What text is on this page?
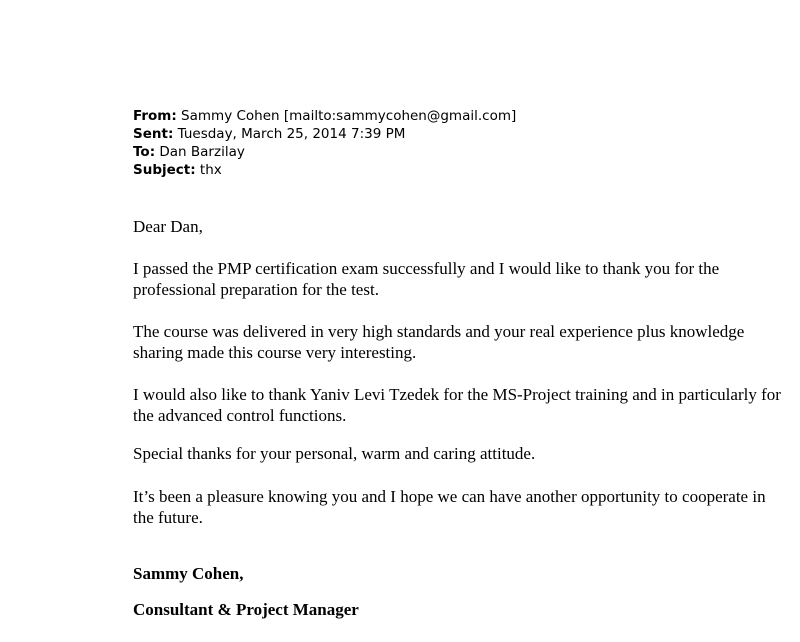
From: Sammy Cohen [mailto:sammycohen@gmail.com]
Sent: Tuesday, March 25, 2014 7:39 PM
To: Dan Barzilay
Subject: thx

Dear Dan,

I passed the PMP certification exam successfully and I would like to thank you for the professional preparation for the test.

The course was delivered in very high standards and your real experience plus knowledge sharing made this course very interesting.

I would also like to thank Yaniv Levi Tzedek for the MS-Project training and in particularly for the advanced control functions.

Special thanks for your personal, warm and caring attitude.

It’s been a pleasure knowing you and I hope we can have another opportunity to cooperate in the future.

Sammy Cohen,
Consultant & Project Manager
